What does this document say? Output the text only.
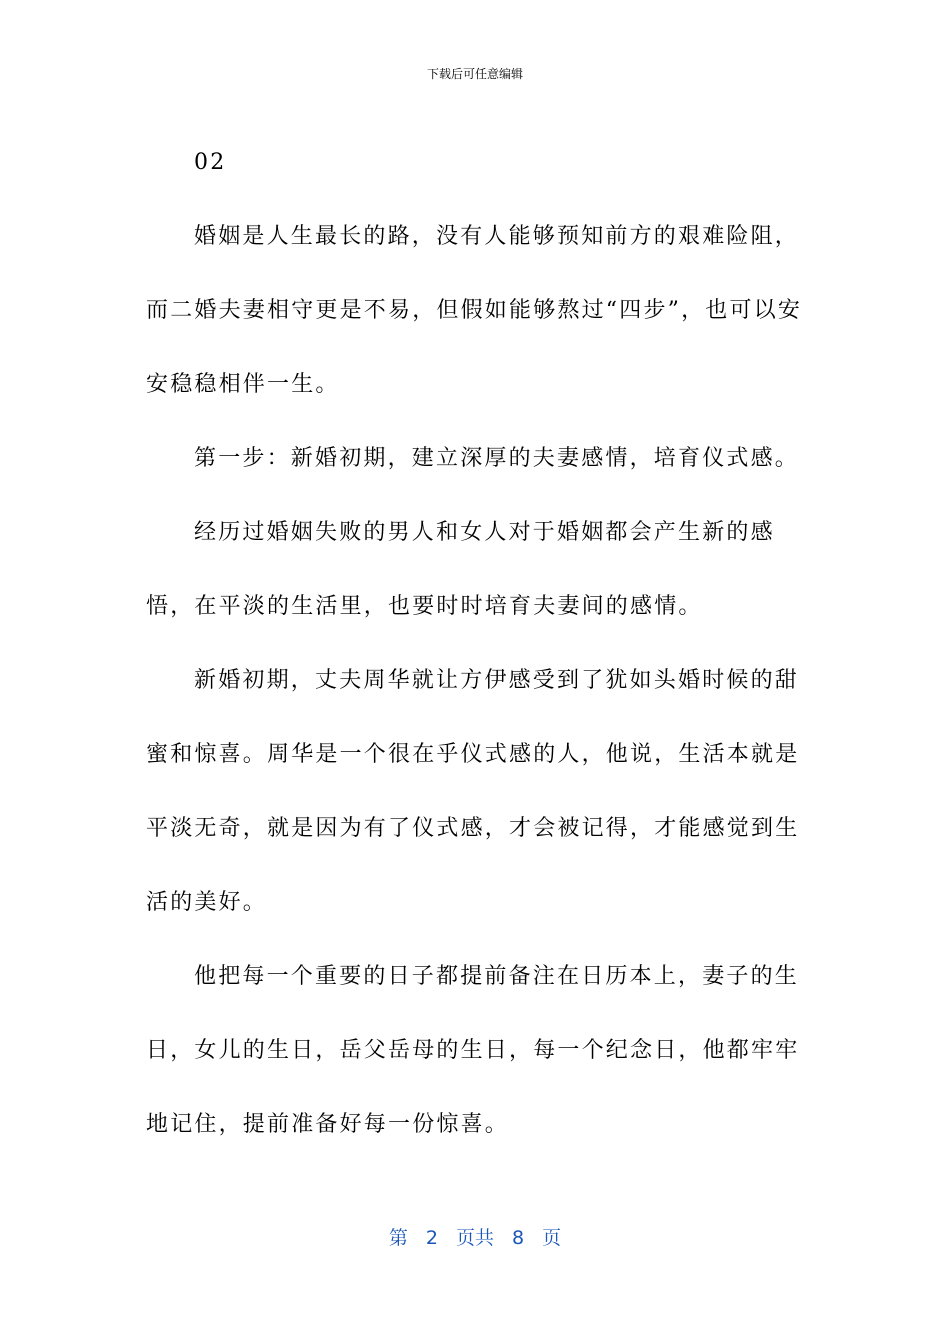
下载后可任意编辑

02

婚姻是人生最长的路，没有人能够预知前方的艰难险阻，而二婚夫妻相守更是不易，但假如能够熬过“四步”，也可以安安稳稳相伴一生。

第一步：新婚初期，建立深厚的夫妻感情，培育仪式感。

经历过婚姻失败的男人和女人对于婚姻都会产生新的感悟，在平淡的生活里，也要时时培育夫妻间的感情。

新婚初期，丈夫周华就让方伊感受到了犹如头婚时候的甜蜜和惊喜。周华是一个很在乎仪式感的人，他说，生活本就是平淡无奇，就是因为有了仪式感，才会被记得，才能感觉到生活的美好。

他把每一个重要的日子都提前备注在日历本上，妻子的生日，女儿的生日，岳父岳母的生日，每一个纪念日，他都牢牢地记住，提前准备好每一份惊喜。

第 2 页共 8 页
